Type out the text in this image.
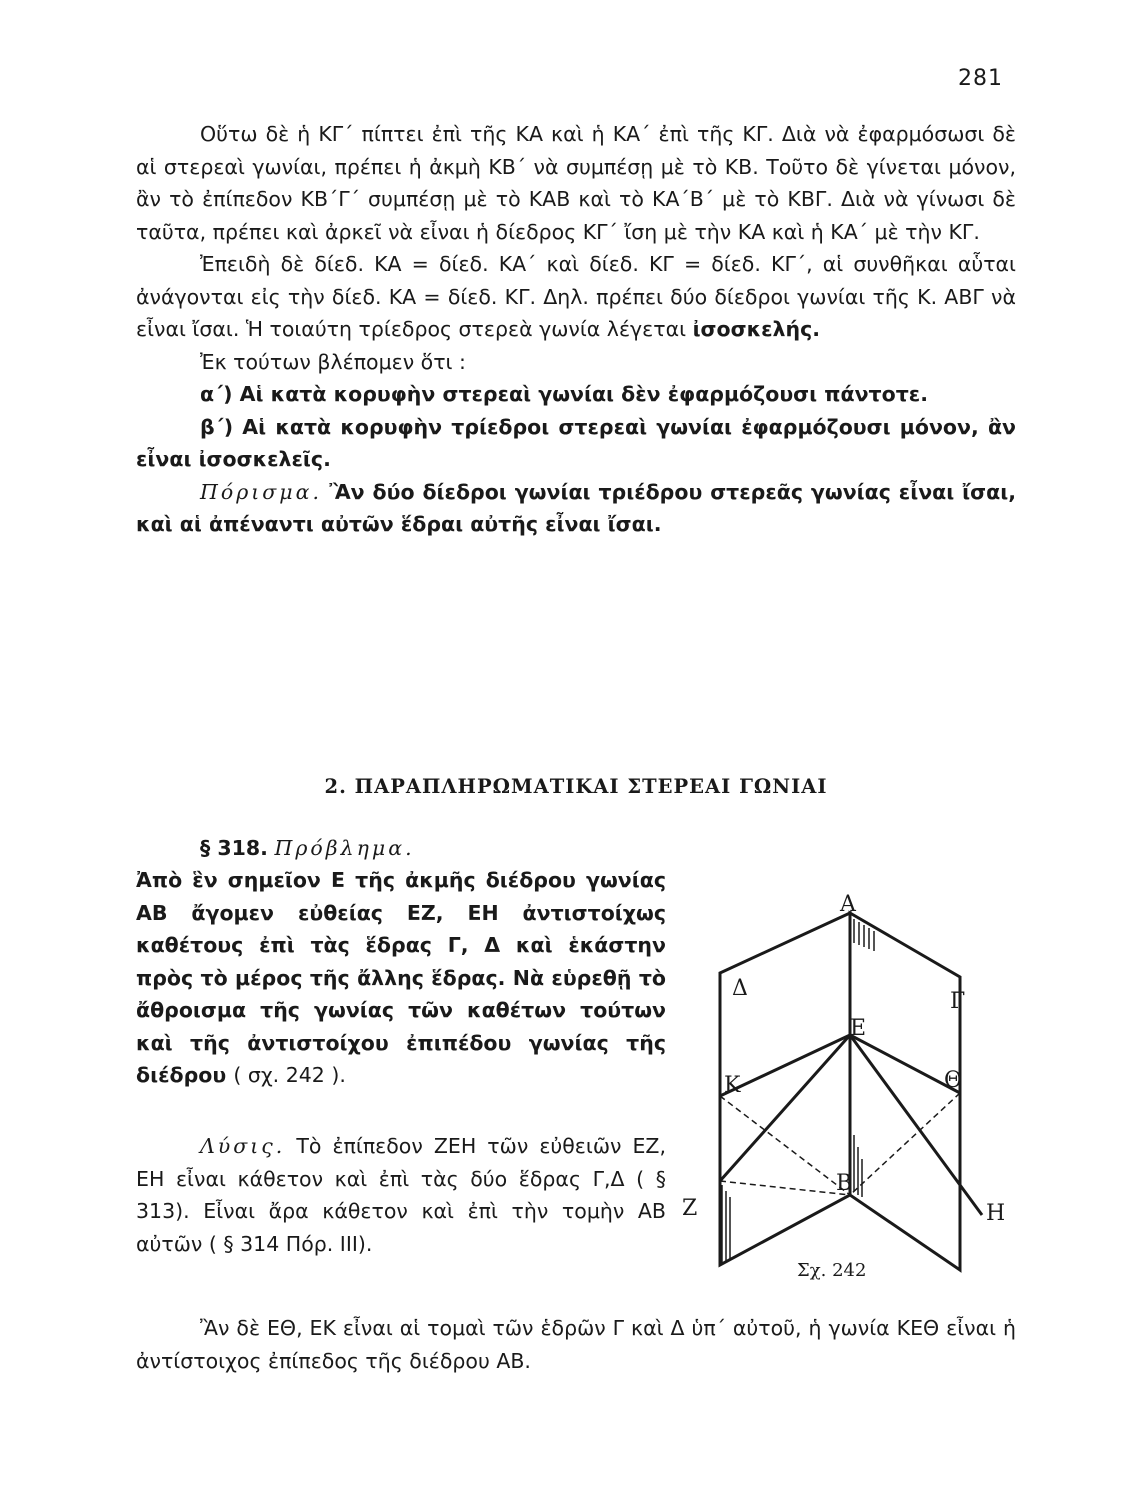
281

Οὕτω δὲ ἡ ΚΓ΄ πίπτει ἐπὶ τῆς ΚΑ καὶ ἡ ΚΑ΄ ἐπὶ τῆς ΚΓ. Διὰ νὰ ἐφαρμόσωσι δὲ αἱ στερεαὶ γωνίαι, πρέπει ἡ ἀκμὴ ΚΒ΄ νὰ συμπέσῃ μὲ τὸ ΚΒ. Τοῦτο δὲ γίνεται μόνον, ἂν τὸ ἐπίπεδον ΚΒ΄Γ΄ συμπέσῃ μὲ τὸ ΚΑΒ καὶ τὸ ΚΑ΄Β΄ μὲ τὸ ΚΒΓ. Διὰ νὰ γίνωσι δὲ ταῦτα, πρέπει καὶ ἀρκεῖ νὰ εἶναι ἡ δίεδρος ΚΓ΄ ἴση μὲ τὴν ΚΑ καὶ ἡ ΚΑ΄ μὲ τὴν ΚΓ.

Ἐπειδὴ δὲ δίεδ. ΚΑ = δίεδ. ΚΑ΄ καὶ δίεδ. ΚΓ = δίεδ. ΚΓ΄, αἱ συνθῆκαι αὗται ἀνάγονται εἰς τὴν δίεδ. ΚΑ = δίεδ. ΚΓ. Δηλ. πρέπει δύο δίεδροι γωνίαι τῆς Κ. ΑΒΓ νὰ εἶναι ἴσαι. Ἡ τοιαύτη τρίεδρος στερεὰ γωνία λέγεται ἰσοσκελής.

Ἐκ τούτων βλέπομεν ὅτι :

α΄) Αἱ κατὰ κορυφὴν στερεαὶ γωνίαι δὲν ἐφαρμόζουσι πάντοτε.

β΄) Αἱ κατὰ κορυφὴν τρίεδροι στερεαὶ γωνίαι ἐφαρμόζουσι μόνον, ἂν εἶναι ἰσοσκελεῖς.

Πόρισμα. Ἂν δύο δίεδροι γωνίαι τριέδρου στερεᾶς γωνίας εἶναι ἴσαι, καὶ αἱ ἀπέναντι αὐτῶν ἕδραι αὐτῆς εἶναι ἴσαι.

2. ΠΑΡΑΠΛΗΡΩΜΑΤΙΚΑΙ ΣΤΕΡΕΑΙ ΓΩΝΙΑΙ

§ 318. Πρόβλημα.

Ἀπὸ ἓν σημεῖον Ε τῆς ἀκμῆς διέδρου γωνίας ΑΒ ἄγομεν εὐθείας ΕΖ, ΕΗ ἀντιστοίχως καθέτους ἐπὶ τὰς ἕδρας Γ, Δ καὶ ἑκάστην πρὸς τὸ μέρος τῆς ἄλλης ἕδρας. Νὰ εὑρεθῇ τὸ ἄθροισμα τῆς γωνίας τῶν καθέτων τούτων καὶ τῆς ἀντιστοίχου ἐπιπέδου γωνίας τῆς διέδρου ( σχ. 242 ).

Λύσις. Τὸ ἐπίπεδον ΖΕΗ τῶν εὐθειῶν ΕΖ, ΕΗ εἶναι κάθετον καὶ ἐπὶ τὰς δύο ἕδρας Γ,Δ ( § 313). Εἶναι ἄρα κάθετον καὶ ἐπὶ τὴν τομὴν ΑΒ αὐτῶν ( § 314 Πόρ. ΙΙΙ).

Ἂν δὲ ΕΘ, ΕΚ εἶναι αἱ τομαὶ τῶν ἑδρῶν Γ καὶ Δ ὑπ΄ αὐτοῦ, ἡ γωνία ΚΕΘ εἶναι ἡ ἀντίστοιχος ἐπίπεδος τῆς διέδρου ΑΒ.

Α
Δ
Γ
Ε
Κ	Θ
Β
Ζ	Η
Σχ. 242
